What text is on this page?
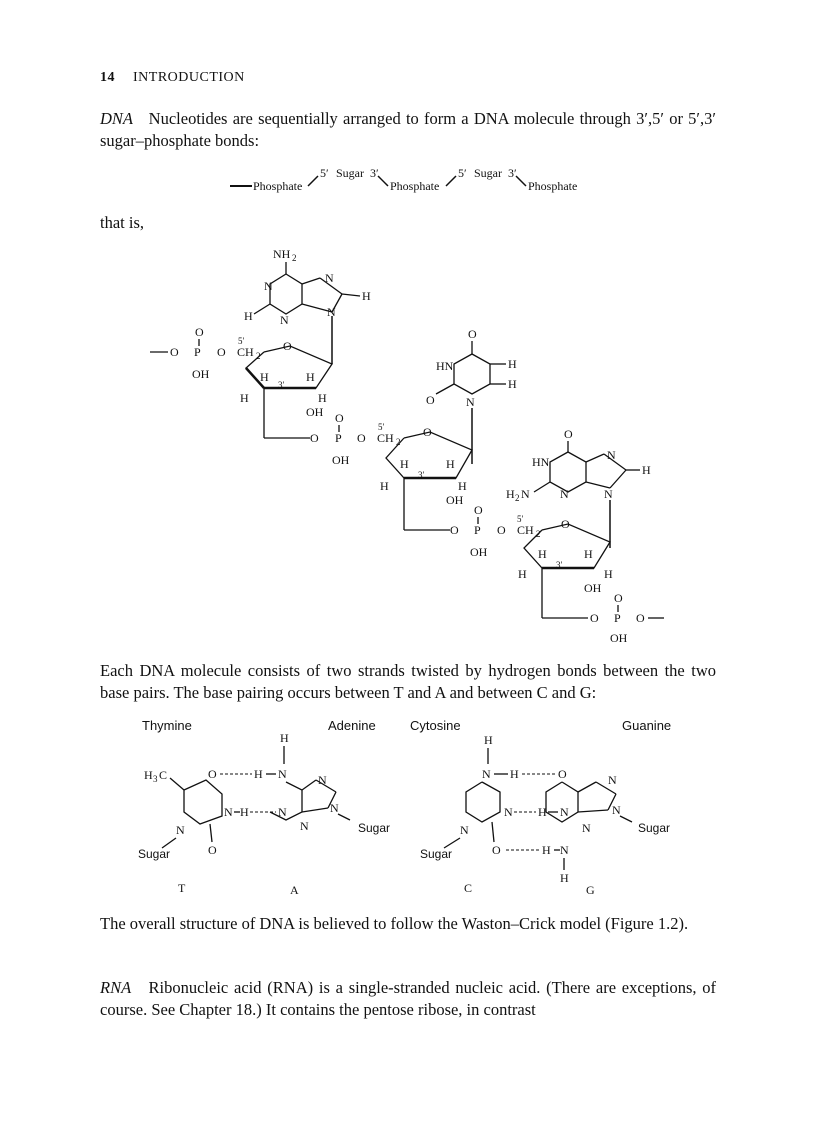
14 INTRODUCTION

DNA Nucleotides are sequentially arranged to form a DNA molecule through 3′,5′ or 5′,3′ sugar–phosphate bonds:

Phosphate
5′ Sugar 3′
Phosphate
5′ Sugar 3′
Phosphate

that is,

NH 2
N
N
N
N
H
H
O P
O
OH
O CH 2
5′	O
H	H
3′
H	H
OH
O
HN	H
H
O	N
O P
O
OH
O CH 2
5′	O
H	H
3′
H	H
OH
O
HN	N
H
N	N
H 2 N
O P
O
OH
O CH 2
5′	O
H	H
3′
H	H
OH
O P
O
OH
O

Each DNA molecule consists of two strands twisted by hydrogen bonds between the two base pairs. The base pairing occurs between T and A and between C and G:

Thymine	Adenine	Cytosine	Guanine
H 3 C	O	H N
H
N H N
N
Sugar	O
N
N
Sugar
N
T	A
H
N H	O
N
Sugar	O
N H N
H N
H
N
N
Sugar
N
C	G

The overall structure of DNA is believed to follow the Waston–Crick model (Figure 1.2).

RNA Ribonucleic acid (RNA) is a single-stranded nucleic acid. (There are exceptions, of course. See Chapter 18.) It contains the pentose ribose, in contrast
